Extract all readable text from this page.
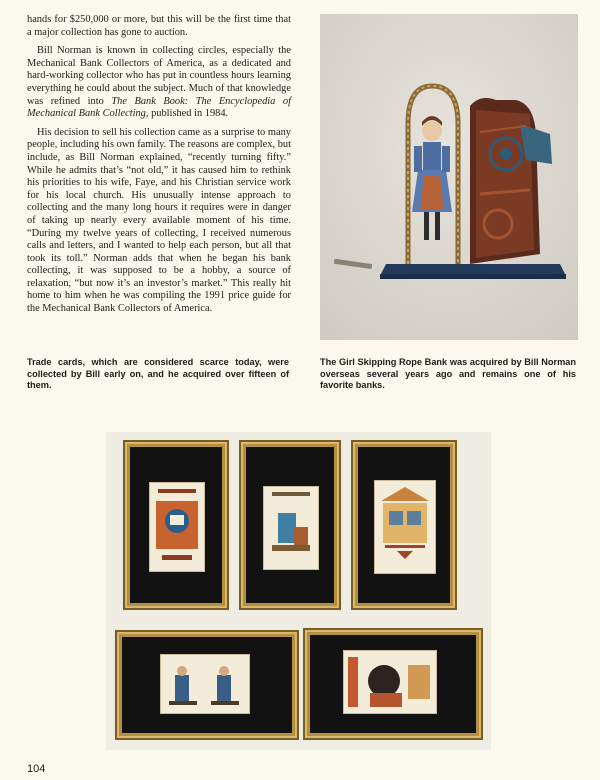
hands for $250,000 or more, but this will be the first time that a major collection has gone to auction.

Bill Norman is known in collecting circles, especially the Mechanical Bank Collectors of America, as a dedicated and hard-working collector who has put in countless hours learning everything he could about the subject. Much of that knowledge was refined into The Bank Book: The Encyclopedia of Mechanical Bank Collecting, published in 1984.

His decision to sell his collection came as a surprise to many people, including his own family. The reasons are complex, but include, as Bill Norman explained, “recently turning fifty.” While he admits that’s “not old,” it has caused him to rethink his priorities to his wife, Faye, and his Christian service work for his local church. His unusually intense approach to collecting and the many long hours it requires were in danger of taking up nearly every available moment of his time. “During my twelve years of collecting, I received numerous calls and letters, and I wanted to help each person, but all that took its toll.” Norman adds that when he began his bank collecting, it was supposed to be a hobby, a source of relaxation, “but now it’s an investor’s market.” This really hit home to him when he was compiling the 1991 price guide for the Mechanical Bank Collectors of America.

Trade cards, which are considered scarce today, were collected by Bill early on, and he acquired over fifteen of them.
The Girl Skipping Rope Bank was acquired by Bill Norman overseas several years ago and remains one of his favorite banks.
104
